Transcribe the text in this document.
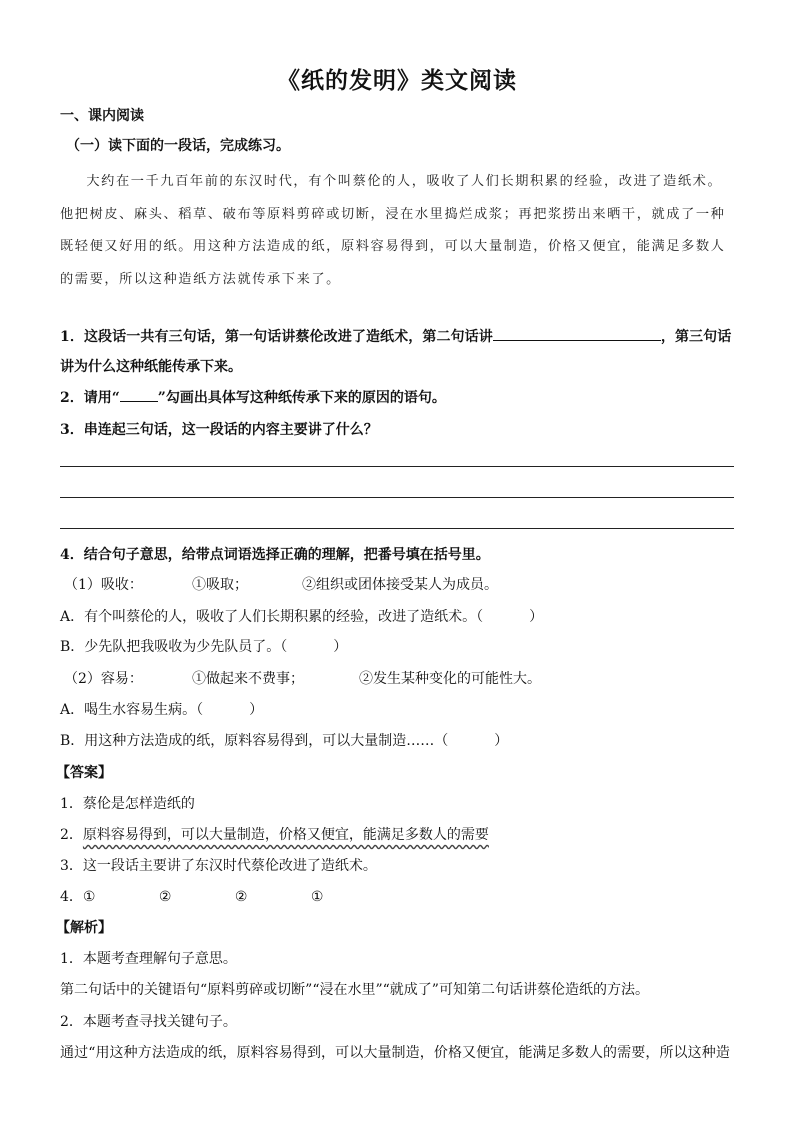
《纸的发明》类文阅读
一、课内阅读
（一）读下面的一段话，完成练习。
大约在一千九百年前的东汉时代，有个叫蔡伦的人，吸收了人们长期积累的经验，改进了造纸术。他把树皮、麻头、稻草、破布等原料剪碎或切断，浸在水里捣烂成浆；再把浆捞出来晒干，就成了一种既轻便又好用的纸。用这种方法造成的纸，原料容易得到，可以大量制造，价格又便宜，能满足多数人的需要，所以这种造纸方法就传承下来了。
1．这段话一共有三句话，第一句话讲蔡伦改进了造纸术，第二句话讲	，第三句话
讲为什么这种纸能传承下来。
2．请用“	”勾画出具体写这种纸传承下来的原因的语句。
3．串连起三句话，这一段话的内容主要讲了什么？
4．结合句子意思，给带点词语选择正确的理解，把番号填在括号里。
（1）吸收：	①吸取；	②组织或团体接受某人为成员。
A．有个叫蔡伦的人，吸收了人们长期积累的经验，改进了造纸术。（	）
B．少先队把我吸收为少先队员了。（	）
（2）容易：	①做起来不费事；	②发生某种变化的可能性大。
A．喝生水容易生病。（	）
B．用这种方法造成的纸，原料容易得到，可以大量制造……（	）
【答案】
1．蔡伦是怎样造纸的
2．原料容易得到，可以大量制造，价格又便宜，能满足多数人的需要
3．这一段话主要讲了东汉时代蔡伦改进了造纸术。
4．①	②	②	①
【解析】
1．本题考查理解句子意思。
第二句话中的关键语句“原料剪碎或切断”“浸在水里”“就成了”可知第二句话讲蔡伦造纸的方法。
2．本题考查寻找关键句子。
通过“用这种方法造成的纸，原料容易得到，可以大量制造，价格又便宜，能满足多数人的需要，所以这种造
